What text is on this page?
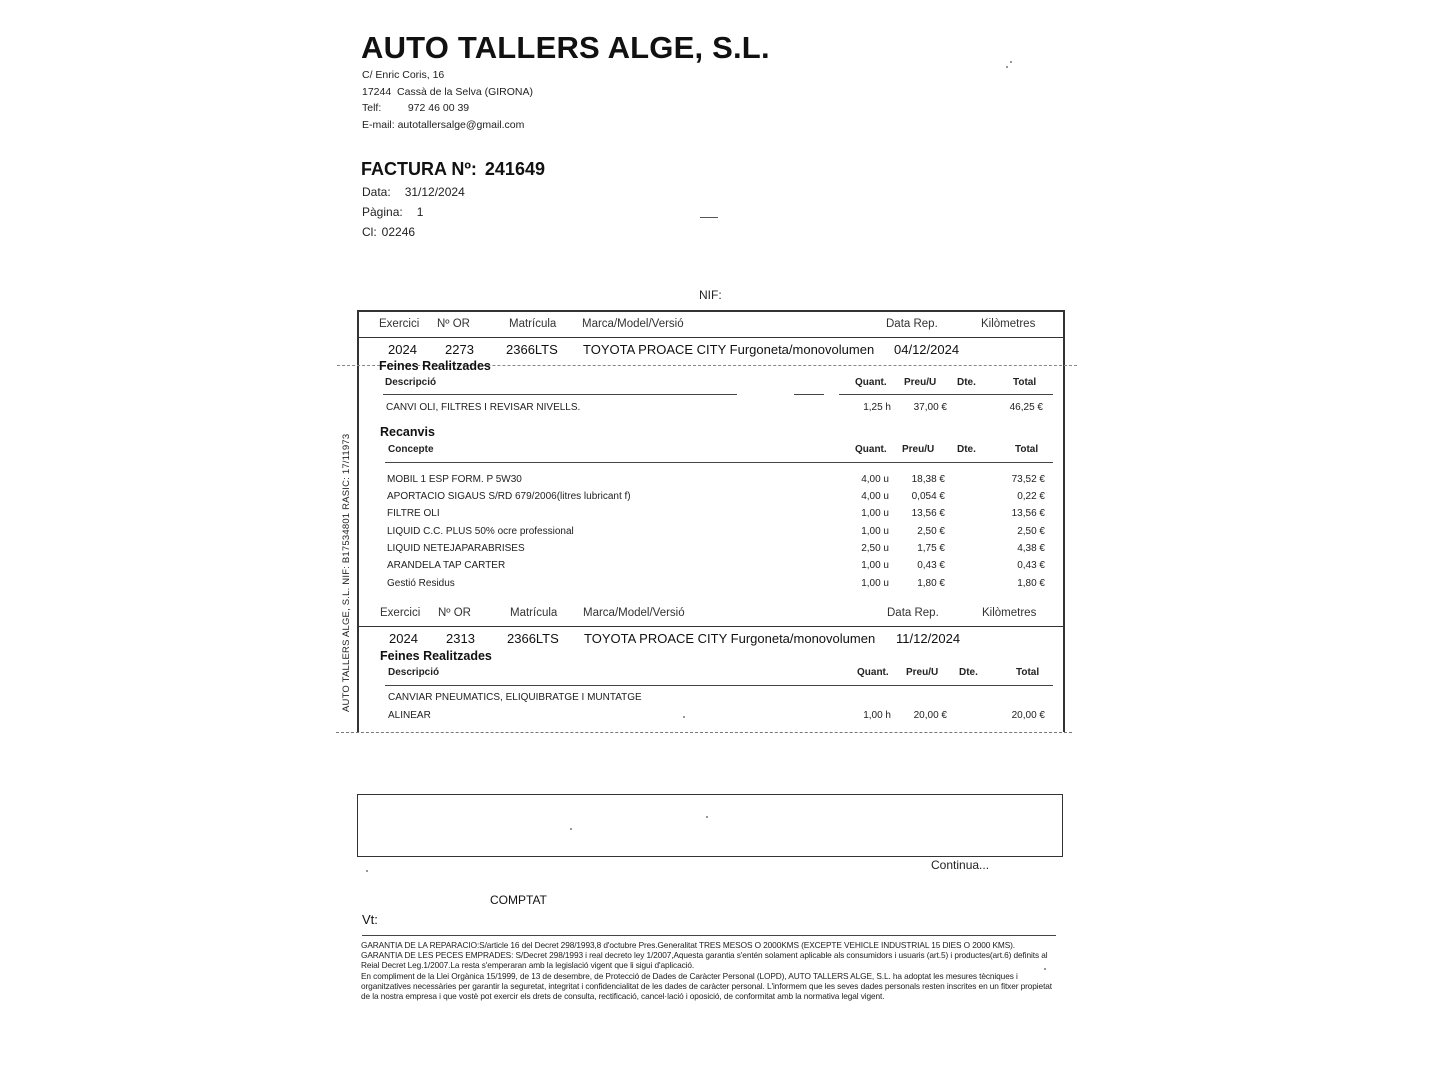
AUTO TALLERS ALGE, S.L.
C/ Enric Coris, 16
17244 Cassà de la Selva (GIRONA)
Telf:	972 46 00 39
E-mail: autotallersalge@gmail.com
FACTURA Nº: 241649
Data: 31/12/2024
Pàgina: 1
Cl: 02246
NIF:
AUTO TALLERS ALGE, S.L. NIF: B17534801 RASIC: 17/11973
Exercici Nº OR	Matrícula Marca/Model/Versió	Data Rep.	Kilòmetres
2024 2273 2366LTS TOYOTA PROACE CITY Furgoneta/monovolumen 04/12/2024
Feines Realitzades
Descripció	Quant. Preu/U Dte.	Total
CANVI OLI, FILTRES I REVISAR NIVELLS.	1,25 h	37,00 €	46,25 €
Recanvis
Concepte	Quant. Preu/U Dte.	Total
MOBIL 1 ESP FORM. P 5W30	4,00 u	18,38 €	73,52 €
APORTACIO SIGAUS S/RD 679/2006(litres lubricant f)	4,00 u	0,054 €	0,22 €
FILTRE OLI	1,00 u	13,56 €	13,56 €
LIQUID C.C. PLUS 50% ocre professional	1,00 u	2,50 €	2,50 €
LIQUID NETEJAPARABRISES	2,50 u	1,75 €	4,38 €
ARANDELA TAP CARTER	1,00 u	0,43 €	0,43 €
Gestió Residus	1,00 u	1,80 €	1,80 €
Exercici Nº OR	Matrícula Marca/Model/Versió	Data Rep.	Kilòmetres
2024 2313 2366LTS TOYOTA PROACE CITY Furgoneta/monovolumen 11/12/2024
Feines Realitzades
Descripció	Quant. Preu/U Dte.	Total
CANVIAR PNEUMATICS, ELIQUIBRATGE I MUNTATGE
ALINEAR	1,00 h	20,00 €	20,00 €
Continua...
COMPTAT
Vt:

GARANTIA DE LA REPARACIO:S/article 16 del Decret 298/1993,8 d'octubre Pres.Generalitat TRES MESOS O 2000KMS (EXCEPTE VEHICLE INDUSTRIAL 15 DIES O 2000 KMS). GARANTIA DE LES PECES EMPRADES: S/Decret 298/1993 i real decreto ley 1/2007,Aquesta garantia s'entén solament aplicable als consumidors i usuaris (art.5) i productes(art.6) definits al Reial Decret Leg.1/2007.La resta s'emperaran amb la legislació vigent que li sigui d'aplicació.

En compliment de la Llei Orgànica 15/1999, de 13 de desembre, de Protecció de Dades de Caràcter Personal (LOPD), AUTO TALLERS ALGE, S.L. ha adoptat les mesures tècniques i organitzatives necessàries per garantir la seguretat, integritat i confidencialitat de les dades de caràcter personal. L'informem que les seves dades personals resten inscrites en un fitxer propietat de la nostra empresa i que vostè pot exercir els drets de consulta, rectificació, cancel·lació i oposició, de conformitat amb la normativa legal vigent.
